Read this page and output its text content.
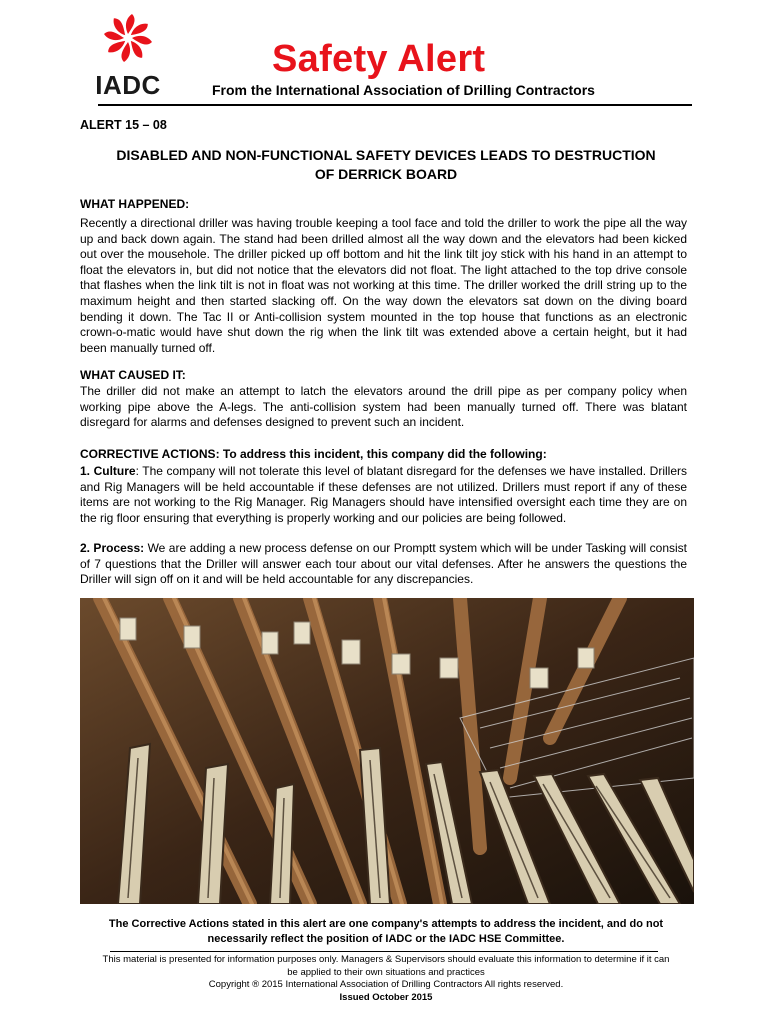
IADC
Safety Alert
From the International Association of Drilling Contractors
ALERT 15 – 08
DISABLED AND NON-FUNCTIONAL SAFETY DEVICES LEADS TO DESTRUCTION
OF DERRICK BOARD
WHAT HAPPENED:
Recently a directional driller was having trouble keeping a tool face and told the driller to work the pipe all the way up and back down again. The stand had been drilled almost all the way down and the elevators had been kicked out over the mousehole. The driller picked up off bottom and hit the link tilt joy stick with his hand in an attempt to float the elevators in, but did not notice that the elevators did not float. The light attached to the top drive console that flashes when the link tilt is not in float was not working at this time. The driller worked the drill string up to the maximum height and then started slacking off. On the way down the elevators sat down on the diving board bending it down. The Tac II or Anti-collision system mounted in the top house that functions as an electronic crown-o-matic would have shut down the rig when the link tilt was extended above a certain height, but it had been manually turned off.
WHAT CAUSED IT:
The driller did not make an attempt to latch the elevators around the drill pipe as per company policy when working pipe above the A-legs. The anti-collision system had been manually turned off. There was blatant disregard for alarms and defenses designed to prevent such an incident.
CORRECTIVE ACTIONS: To address this incident, this company did the following:
1. Culture: The company will not tolerate this level of blatant disregard for the defenses we have installed. Drillers and Rig Managers will be held accountable if these defenses are not utilized. Drillers must report if any of these items are not working to the Rig Manager. Rig Managers should have intensified oversight each time they are on the rig floor ensuring that everything is properly working and our policies are being followed.
2. Process: We are adding a new process defense on our Promptt system which will be under Tasking will consist of 7 questions that the Driller will answer each tour about our vital defenses. After he answers the questions the Driller will sign off on it and will be held accountable for any discrepancies.
The Corrective Actions stated in this alert are one company's attempts to address the incident, and do not
necessarily reflect the position of IADC or the IADC HSE Committee.
This material is presented for information purposes only. Managers & Supervisors should evaluate this information to determine if it can
be applied to their own situations and practices
Copyright ® 2015 International Association of Drilling Contractors All rights reserved.
Issued October 2015
